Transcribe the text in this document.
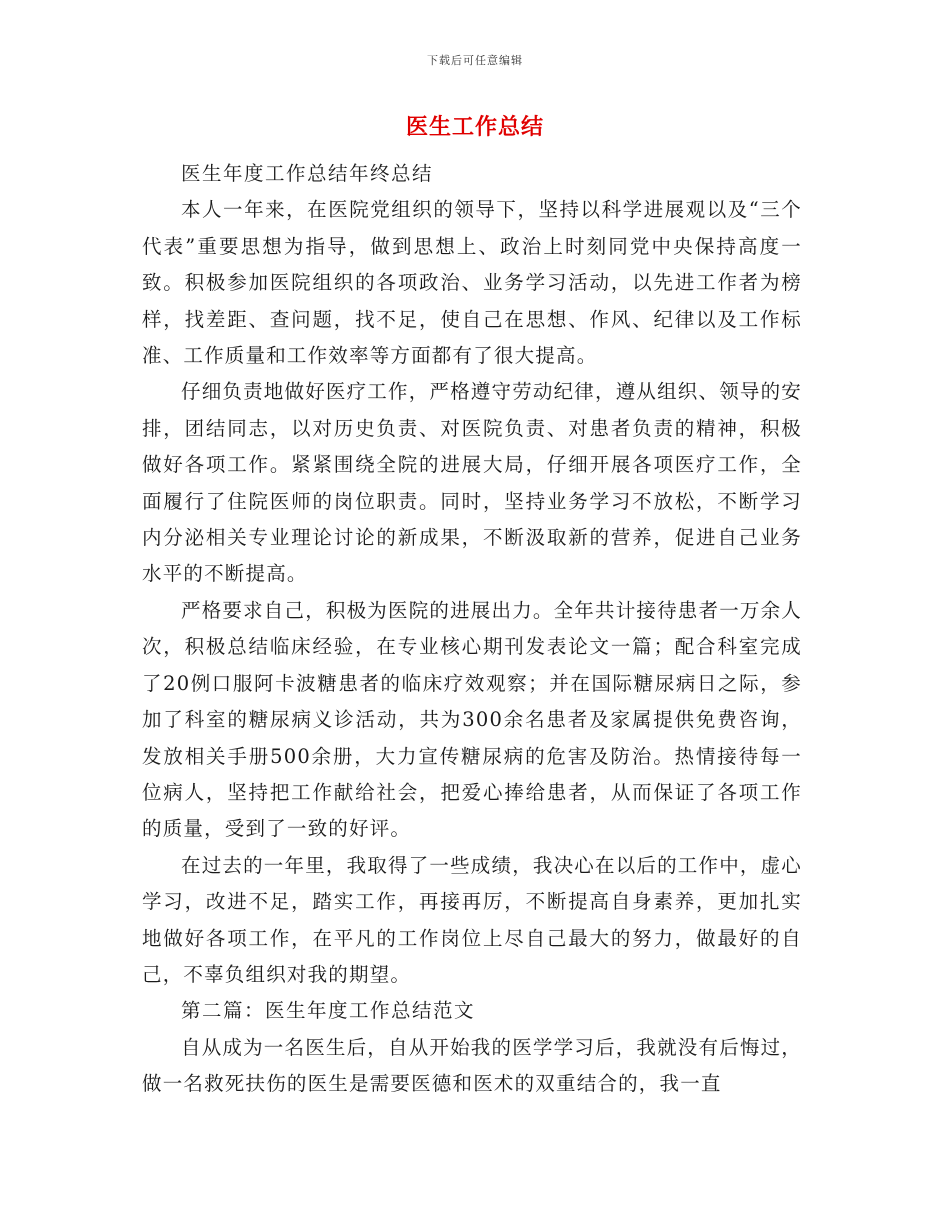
下载后可任意编辑
医生工作总结

医生年度工作总结年终总结

本人一年来，在医院党组织的领导下，坚持以科学进展观以及“三个代表”重要思想为指导，做到思想上、政治上时刻同党中央保持高度一致。积极参加医院组织的各项政治、业务学习活动，以先进工作者为榜样，找差距、查问题，找不足，使自己在思想、作风、纪律以及工作标准、工作质量和工作效率等方面都有了很大提高。

仔细负责地做好医疗工作，严格遵守劳动纪律，遵从组织、领导的安排，团结同志，以对历史负责、对医院负责、对患者负责的精神，积极做好各项工作。紧紧围绕全院的进展大局，仔细开展各项医疗工作，全面履行了住院医师的岗位职责。同时，坚持业务学习不放松，不断学习内分泌相关专业理论讨论的新成果，不断汲取新的营养，促进自己业务水平的不断提高。

严格要求自己，积极为医院的进展出力。全年共计接待患者一万余人次，积极总结临床经验，在专业核心期刊发表论文一篇；配合科室完成了20例口服阿卡波糖患者的临床疗效观察；并在国际糖尿病日之际，参加了科室的糖尿病义诊活动，共为300余名患者及家属提供免费咨询，发放相关手册500余册，大力宣传糖尿病的危害及防治。热情接待每一位病人，坚持把工作献给社会，把爱心捧给患者，从而保证了各项工作的质量，受到了一致的好评。

在过去的一年里，我取得了一些成绩，我决心在以后的工作中，虚心学习，改进不足，踏实工作，再接再厉，不断提高自身素养，更加扎实地做好各项工作，在平凡的工作岗位上尽自己最大的努力，做最好的自己，不辜负组织对我的期望。

第二篇：医生年度工作总结范文

自从成为一名医生后，自从开始我的医学学习后，我就没有后悔过，做一名救死扶伤的医生是需要医德和医术的双重结合的，我一直
